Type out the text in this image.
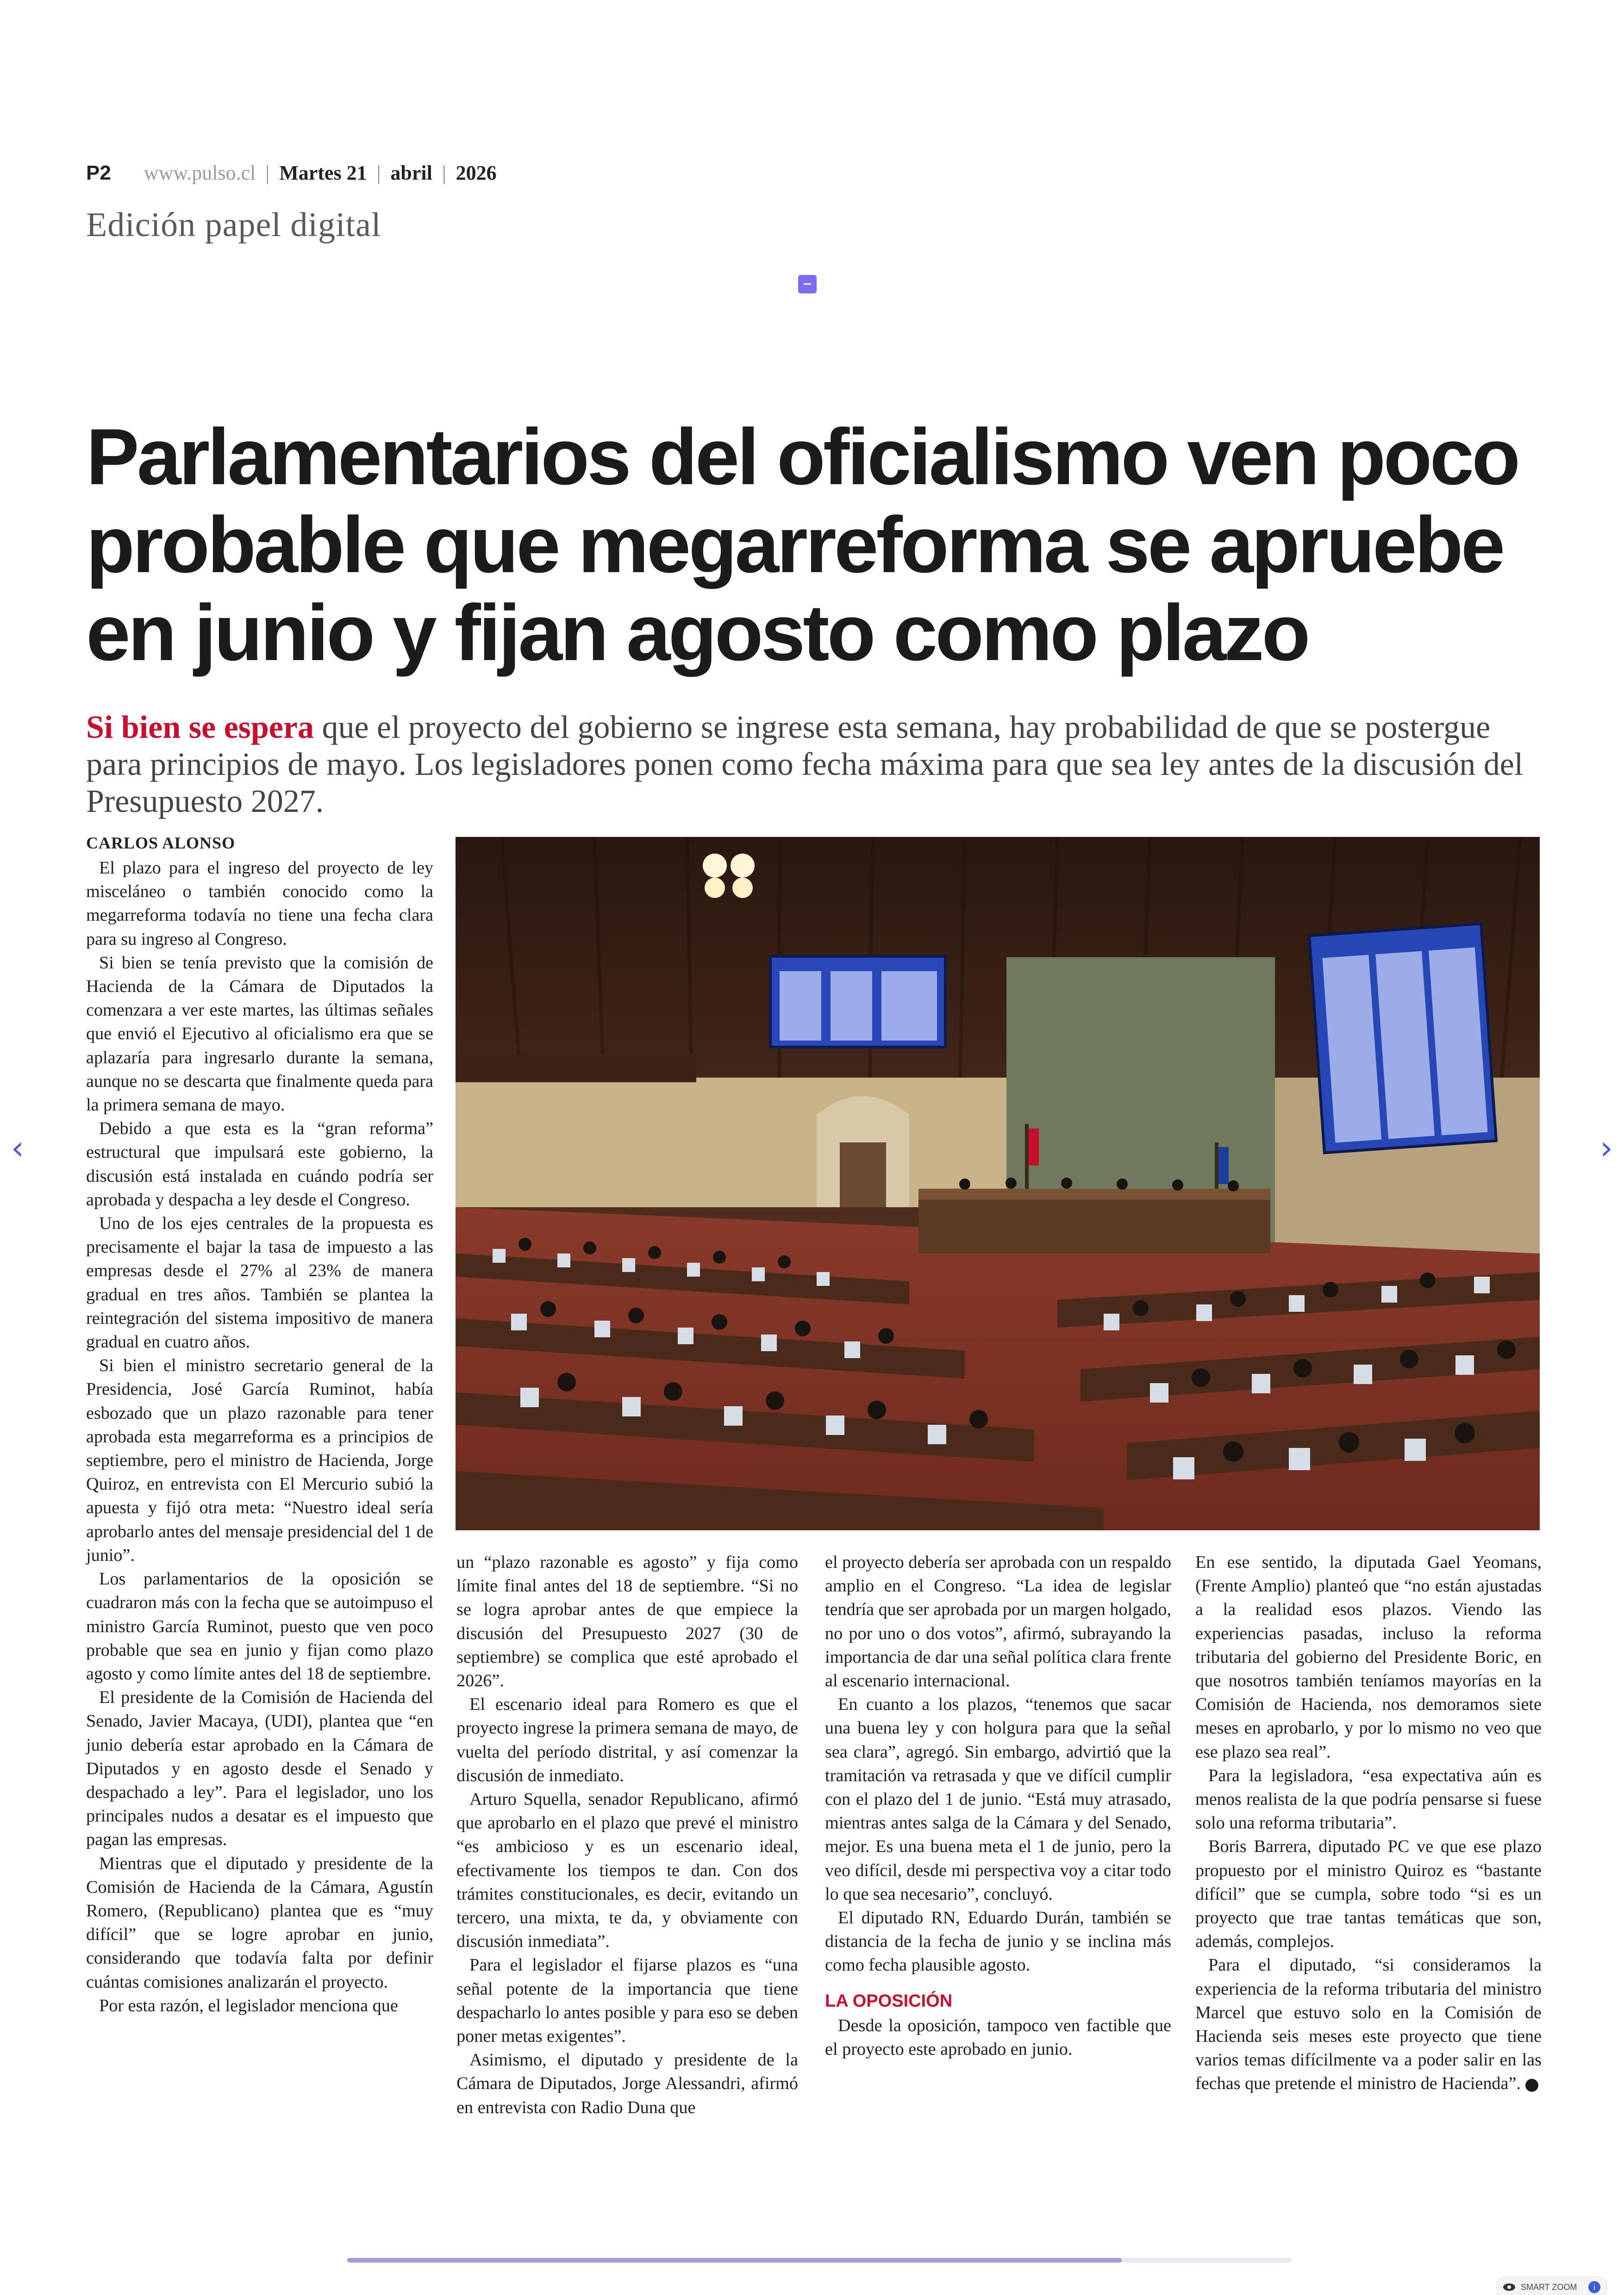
P2 www.pulso.cl | Martes 21 | abril | 2026
Edición papel digital
Parlamentarios del oficialismo ven poco
probable que megarreforma se apruebe
en junio y fijan agosto como plazo
Si bien se espera que el proyecto del gobierno se ingrese esta semana, hay probabilidad de que se postergue para principios de mayo. Los legisladores ponen como fecha máxima para que sea ley antes de la discusión del Presupuesto 2027.
CARLOS ALONSO

El plazo para el ingreso del proyecto de ley misceláneo o también conocido como la megarreforma todavía no tiene una fecha clara para su ingreso al Congreso.

Si bien se tenía previsto que la comisión de Hacienda de la Cámara de Diputados la comenzara a ver este martes, las últimas señales que envió el Ejecutivo al oficialismo era que se aplazaría para ingresarlo durante la semana, aunque no se descarta que finalmente queda para la primera semana de mayo.

Debido a que esta es la “gran reforma” estructural que impulsará este gobierno, la discusión está instalada en cuándo podría ser aprobada y despacha a ley desde el Congreso.

Uno de los ejes centrales de la propuesta es precisamente el bajar la tasa de impuesto a las empresas desde el 27% al 23% de manera gradual en tres años. También se plantea la reintegración del sistema impositivo de manera gradual en cuatro años.

Si bien el ministro secretario general de la Presidencia, José García Ruminot, había esbozado que un plazo razonable para tener aprobada esta megarreforma es a principios de septiembre, pero el ministro de Hacienda, Jorge Quiroz, en entrevista con El Mercurio subió la apuesta y fijó otra meta: “Nuestro ideal sería aprobarlo antes del mensaje presidencial del 1 de junio”.

Los parlamentarios de la oposición se cuadraron más con la fecha que se autoimpuso el ministro García Ruminot, puesto que ven poco probable que sea en junio y fijan como plazo agosto y como límite antes del 18 de septiembre.

El presidente de la Comisión de Hacienda del Senado, Javier Macaya, (UDI), plantea que “en junio debería estar aprobado en la Cámara de Diputados y en agosto desde el Senado y despachado a ley”. Para el legislador, uno los principales nudos a desatar es el impuesto que pagan las empresas.

Mientras que el diputado y presidente de la Comisión de Hacienda de la Cámara, Agustín Romero, (Republicano) plantea que es “muy difícil” que se logre aprobar en junio, considerando que todavía falta por definir cuántas comisiones analizarán el proyecto.

Por esta razón, el legislador menciona que

un “plazo razonable es agosto” y fija como límite final antes del 18 de septiembre. “Si no se logra aprobar antes de que empiece la discusión del Presupuesto 2027 (30 de septiembre) se complica que esté aprobado el 2026”.

El escenario ideal para Romero es que el proyecto ingrese la primera semana de mayo, de vuelta del período distrital, y así comenzar la discusión de inmediato.

Arturo Squella, senador Republicano, afirmó que aprobarlo en el plazo que prevé el ministro “es ambicioso y es un escenario ideal, efectivamente los tiempos te dan. Con dos trámites constitucionales, es decir, evitando un tercero, una mixta, te da, y obviamente con discusión inmediata”.

Para el legislador el fijarse plazos es “una señal potente de la importancia que tiene despacharlo lo antes posible y para eso se deben poner metas exigentes”.

Asimismo, el diputado y presidente de la Cámara de Diputados, Jorge Alessandri, afirmó en entrevista con Radio Duna que

el proyecto debería ser aprobada con un respaldo amplio en el Congreso. “La idea de legislar tendría que ser aprobada por un margen holgado, no por uno o dos votos”, afirmó, subrayando la importancia de dar una señal política clara frente al escenario internacional.

En cuanto a los plazos, “tenemos que sacar una buena ley y con holgura para que la señal sea clara”, agregó. Sin embargo, advirtió que la tramitación va retrasada y que ve difícil cumplir con el plazo del 1 de junio. “Está muy atrasado, mientras antes salga de la Cámara y del Senado, mejor. Es una buena meta el 1 de junio, pero la veo difícil, desde mi perspectiva voy a citar todo lo que sea necesario”, concluyó.

El diputado RN, Eduardo Durán, también se distancia de la fecha de junio y se inclina más como fecha plausible agosto.

LA OPOSICIÓN

Desde la oposición, tampoco ven factible que el proyecto este aprobado en junio.

En ese sentido, la diputada Gael Yeomans, (Frente Amplio) planteó que “no están ajustadas a la realidad esos plazos. Viendo las experiencias pasadas, incluso la reforma tributaria del gobierno del Presidente Boric, en que nosotros también teníamos mayorías en la Comisión de Hacienda, nos demoramos siete meses en aprobarlo, y por lo mismo no veo que ese plazo sea real”.

Para la legisladora, “esa expectativa aún es menos realista de la que podría pensarse si fuese solo una reforma tributaria”.

Boris Barrera, diputado PC ve que ese plazo propuesto por el ministro Quiroz es “bastante difícil” que se cumpla, sobre todo “si es un proyecto que trae tantas temáticas que son, además, complejos.

Para el diputado, “si consideramos la experiencia de la reforma tributaria del ministro Marcel que estuvo solo en la Comisión de Hacienda seis meses este proyecto que tiene varios temas difícilmente va a poder salir en las fechas que pretende el ministro de Hacienda”.

‹	›
SMART ZOOM	i
